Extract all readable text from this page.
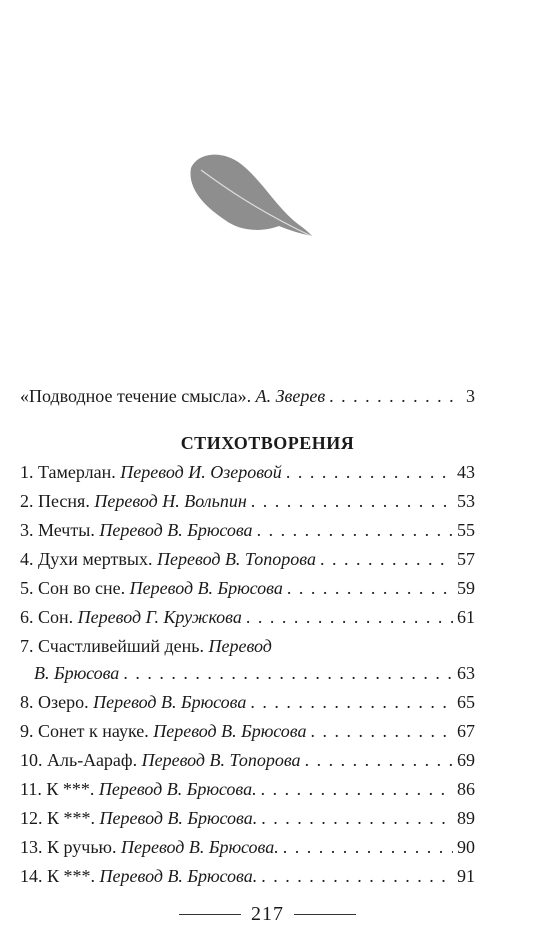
«Подводное течение смысла».
А. Зверев . . .	3
СТИХОТВОРЕНИЯ
1. Тамерлан.
Перевод И. Озеровой . . .	43
2. Песня.
Перевод Н. Вольпин . . .	53
3. Мечты.
Перевод В. Брюсова . . .	55
4. Духи мертвых.
Перевод В. Топорова . . .	57
5. Сон во сне.
Перевод В. Брюсова . . .	59
6. Сон.
Перевод Г. Кружкова . . .	61
7. Счастливейший день.
Перевод
В. Брюсова . . .	63
8. Озеро.
Перевод В. Брюсова . . .	65
9. Сонет к науке.
Перевод В. Брюсова . . .	67
10. Аль-Аараф.
Перевод В. Топорова . . .	69
11. К ***.
Перевод В. Брюсова. . . .	86
12. К ***.
Перевод В. Брюсова. . . .	89
13. К ручью.
Перевод В. Брюсова. . . .	90
14. К ***.
Перевод В. Брюсова. . . .	91
217
